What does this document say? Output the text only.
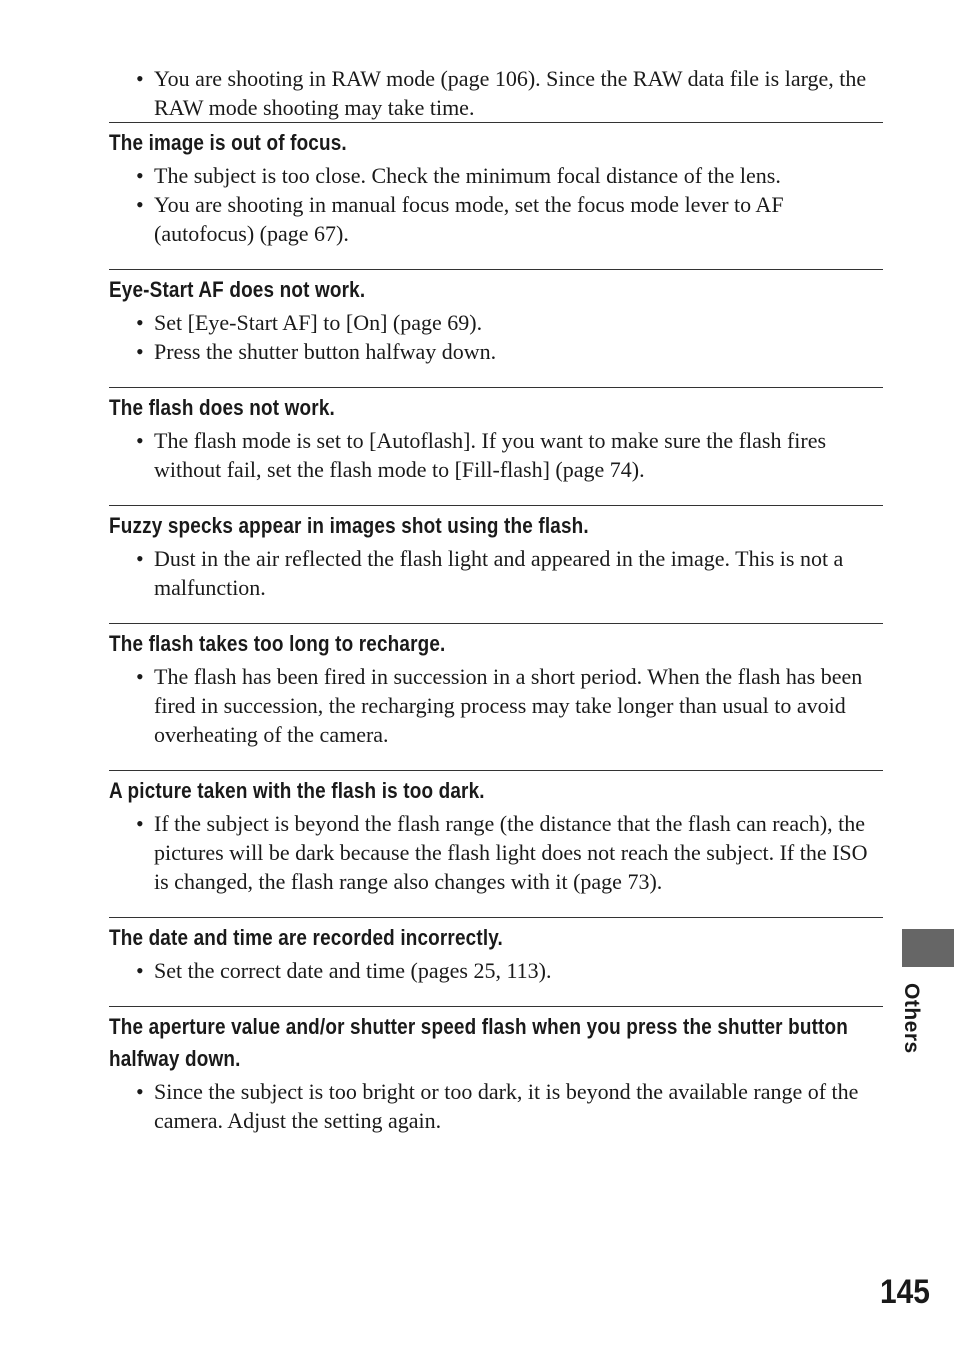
• You are shooting in RAW mode (page 106). Since the RAW data file is large, the RAW mode shooting may take time.
The image is out of focus.
• The subject is too close. Check the minimum focal distance of the lens.
• You are shooting in manual focus mode, set the focus mode lever to AF (autofocus) (page 67).
Eye-Start AF does not work.
• Set [Eye-Start AF] to [On] (page 69).
• Press the shutter button halfway down.
The flash does not work.
• The flash mode is set to [Autoflash]. If you want to make sure the flash fires without fail, set the flash mode to [Fill-flash] (page 74).
Fuzzy specks appear in images shot using the flash.
• Dust in the air reflected the flash light and appeared in the image. This is not a malfunction.
The flash takes too long to recharge.
• The flash has been fired in succession in a short period. When the flash has been fired in succession, the recharging process may take longer than usual to avoid overheating of the camera.
A picture taken with the flash is too dark.
• If the subject is beyond the flash range (the distance that the flash can reach), the pictures will be dark because the flash light does not reach the subject. If the ISO is changed, the flash range also changes with it (page 73).
The date and time are recorded incorrectly.
• Set the correct date and time (pages 25, 113).
The aperture value and/or shutter speed flash when you press the shutter button halfway down.
• Since the subject is too bright or too dark, it is beyond the available range of the camera. Adjust the setting again.
Others
145
